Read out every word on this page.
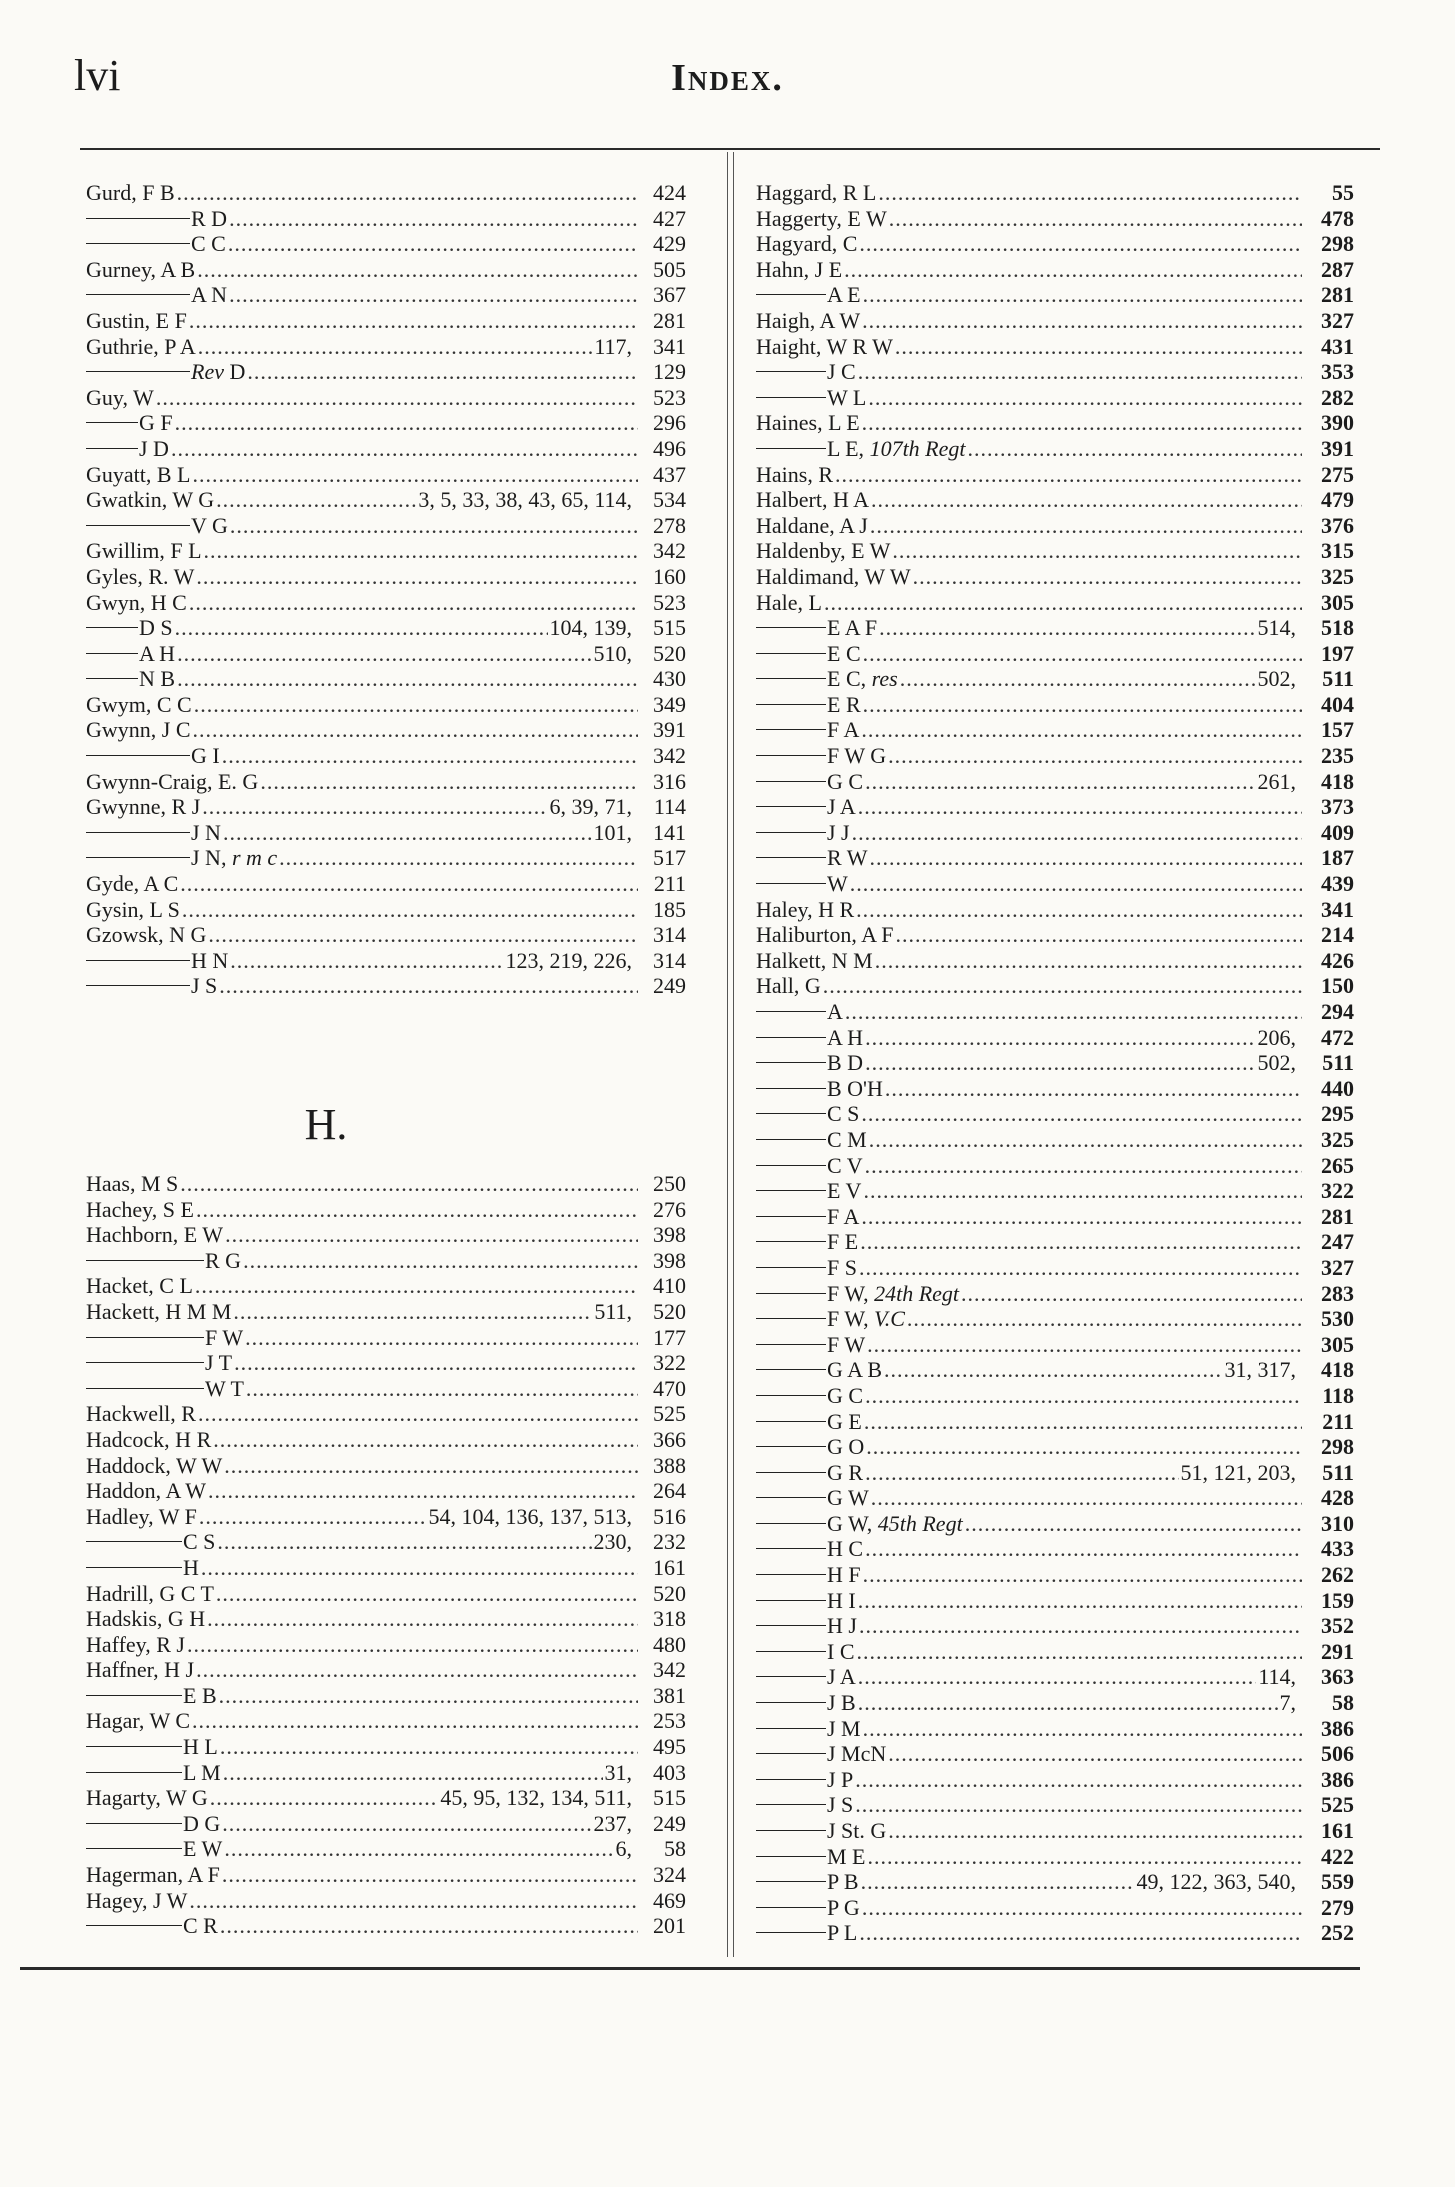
lvi	Index.
Gurd, F B .....	424
R D .....	427
C C .....	429
Gurney, A B .....	505
A N .....	367
Gustin, E F .....	281
Guthrie, P A .....	117, 341
Rev D .....	129
Guy, W .....	523
G F .....	296
J D .....	496
Guyatt, B L .....	437
Gwatkin, W G .....	3, 5, 33, 38, 43, 65, 114, 534
V G .....	278
Gwillim, F L .....	342
Gyles, R. W .....	160
Gwyn, H C .....	523
D S .....	104, 139, 515
A H .....	510, 520
N B .....	430
Gwym, C C .....	349
Gwynn, J C .....	391
G I .....	342
Gwynn-Craig, E. G .....	316
Gwynne, R J .....	6, 39, 71, 114
J N .....	101, 141
J N, r m c .....	517
Gyde, A C .....	211
Gysin, L S .....	185
Gzowsk, N G .....	314
H N .....	123, 219, 226, 314
J S .....	249
H.
Haas, M S .....	250
Hachey, S E .....	276
Hachborn, E W .....	398
R G .....	398
Hacket, C L .....	410
Hackett, H M M .....	511, 520
F W .....	177
J T .....	322
W T .....	470
Hackwell, R .....	525
Hadcock, H R .....	366
Haddock, W W .....	388
Haddon, A W .....	264
Hadley, W F .....	54, 104, 136, 137, 513, 516
C S .....	230, 232
H .....	161
Hadrill, G C T .....	520
Hadskis, G H .....	318
Haffey, R J .....	480
Haffner, H J .....	342
E B .....	381
Hagar, W C .....	253
H L .....	495
L M .....	31, 403
Hagarty, W G .....	45, 95, 132, 134, 511, 515
D G .....	237, 249
E W .....	6,	58
Hagerman, A F .....	324
Hagey, J W .....	469
C R .....	201
Haggard, R L .....	55
Haggerty, E W .....	478
Hagyard, C .....	298
Hahn, J E .....	287
A E .....	281
Haigh, A W .....	327
Haight, W R W .....	431
J C .....	353
W L .....	282
Haines, L E .....	390
L E, 107th Regt .....	391
Hains, R .....	275
Halbert, H A .....	479
Haldane, A J .....	376
Haldenby, E W .....	315
Haldimand, W W .....	325
Hale, L .....	305
E A F .....	514,	518
E C .....	197
E C, res .....	502,	511
E R .....	404
F A .....	157
F W G .....	235
G C .....	261,	418
J A .....	373
J J .....	409
R W .....	187
W .....	439
Haley, H R .....	341
Haliburton, A F .....	214
Halkett, N M .....	426
Hall, G .....	150
A .....	294
A H .....	206,	472
B D .....	502,	511
B O'H .....	440
C S .....	295
C M .....	325
C V .....	265
E V .....	322
F A .....	281
F E .....	247
F S .....	327
F W, 24th Regt .....	283
F W, V.C .....	530
F W .....	305
G A B .....	31, 317,	418
G C .....	118
G E .....	211
G O .....	298
G R .....	51, 121, 203,	511
G W .....	428
G W, 45th Regt .....	310
H C .....	433
H F .....	262
H I .....	159
H J .....	352
I C .....	291
J A .....	114,	363
J B .....	7,	58
J M .....	386
J McN .....	506
J P .....	386
J S .....	525
J St. G .....	161
M E .....	422
P B .....	49, 122, 363, 540,	559
P G .....	279
P L .....	252
